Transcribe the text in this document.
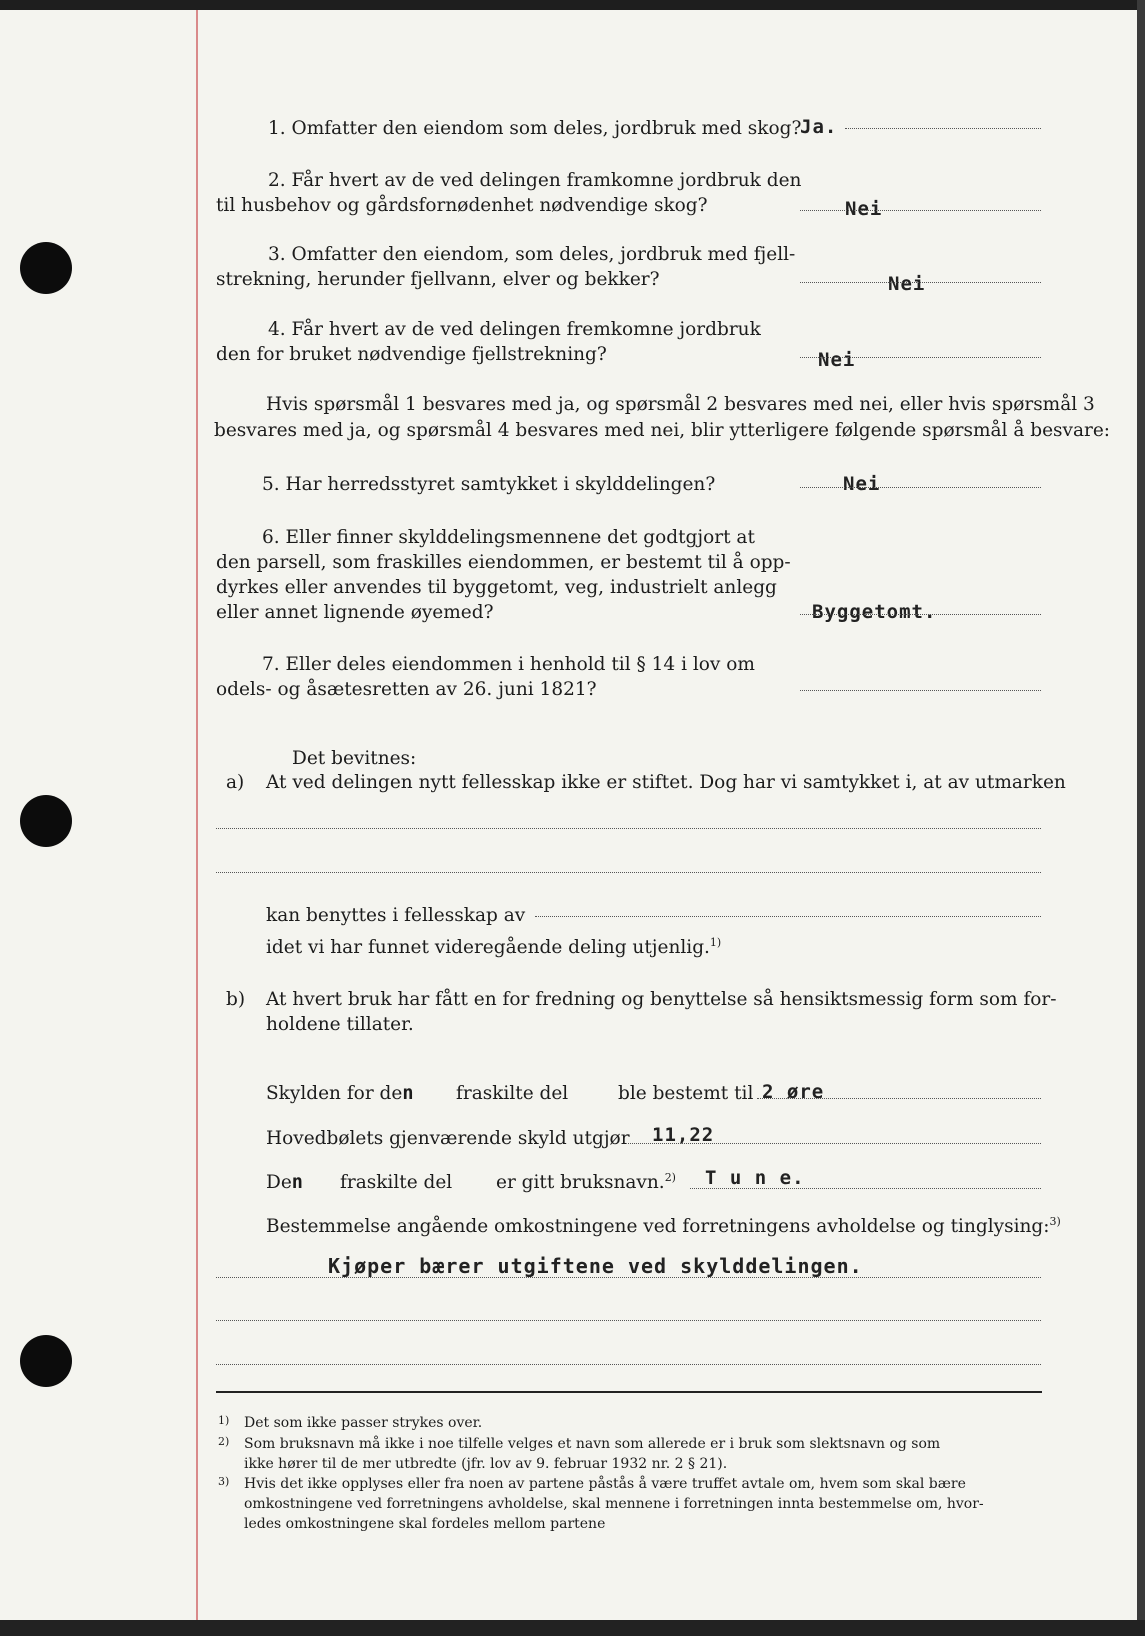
1. Omfatter den eiendom som deles, jordbruk med skog?
Ja.
2. Får hvert av de ved delingen framkomne jordbruk den
til husbehov og gårdsfornødenhet nødvendige skog?	Nei
3. Omfatter den eiendom, som deles, jordbruk med fjell-
strekning, herunder fjellvann, elver og bekker?	Nei
4. Får hvert av de ved delingen fremkomne jordbruk
den for bruket nødvendige fjellstrekning?	Nei
Hvis spørsmål 1 besvares med ja, og spørsmål 2 besvares med nei, eller hvis spørsmål 3
besvares med ja, og spørsmål 4 besvares med nei, blir ytterligere følgende spørsmål å besvare:
5. Har herredsstyret samtykket i skylddelingen?	Nei
6. Eller finner skylddelingsmennene det godtgjort at
den parsell, som fraskilles eiendommen, er bestemt til å opp-
dyrkes eller anvendes til byggetomt, veg, industrielt anlegg
eller annet lignende øyemed?	Byggetomt.
7. Eller deles eiendommen i henhold til § 14 i lov om
odels- og åsætesretten av 26. juni 1821?
Det bevitnes:
a) At ved delingen nytt fellesskap ikke er stiftet. Dog har vi samtykket i, at av utmarken
kan benyttes i fellesskap av
idet vi har funnet videregående deling utjenlig.$^{1)}$
b) At hvert bruk har fått en for fredning og benyttelse så hensiktsmessig form som for-
holdene tillater.
Skylden for den fraskilte del	ble bestemt til 2 øre
Hovedbølets gjenværende skyld utgjør 11,22
Den fraskilte del er gitt bruksnavn.$^{2)}$ T u n e.
Bestemmelse angående omkostningene ved forretningens avholdelse og tinglysing:$^{3)}$
Kjøper bærer utgiftene ved skylddelingen.
1) Det som ikke passer strykes over.
2) Som bruksnavn må ikke i noe tilfelle velges et navn som allerede er i bruk som slektsnavn og som
ikke hører til de mer utbredte (jfr. lov av 9. februar 1932 nr. 2 § 21).
3) Hvis det ikke opplyses eller fra noen av partene påstås å være truffet avtale om, hvem som skal bære
omkostningene ved forretningens avholdelse, skal mennene i forretningen innta bestemmelse om, hvor-
ledes omkostningene skal fordeles mellom partene
